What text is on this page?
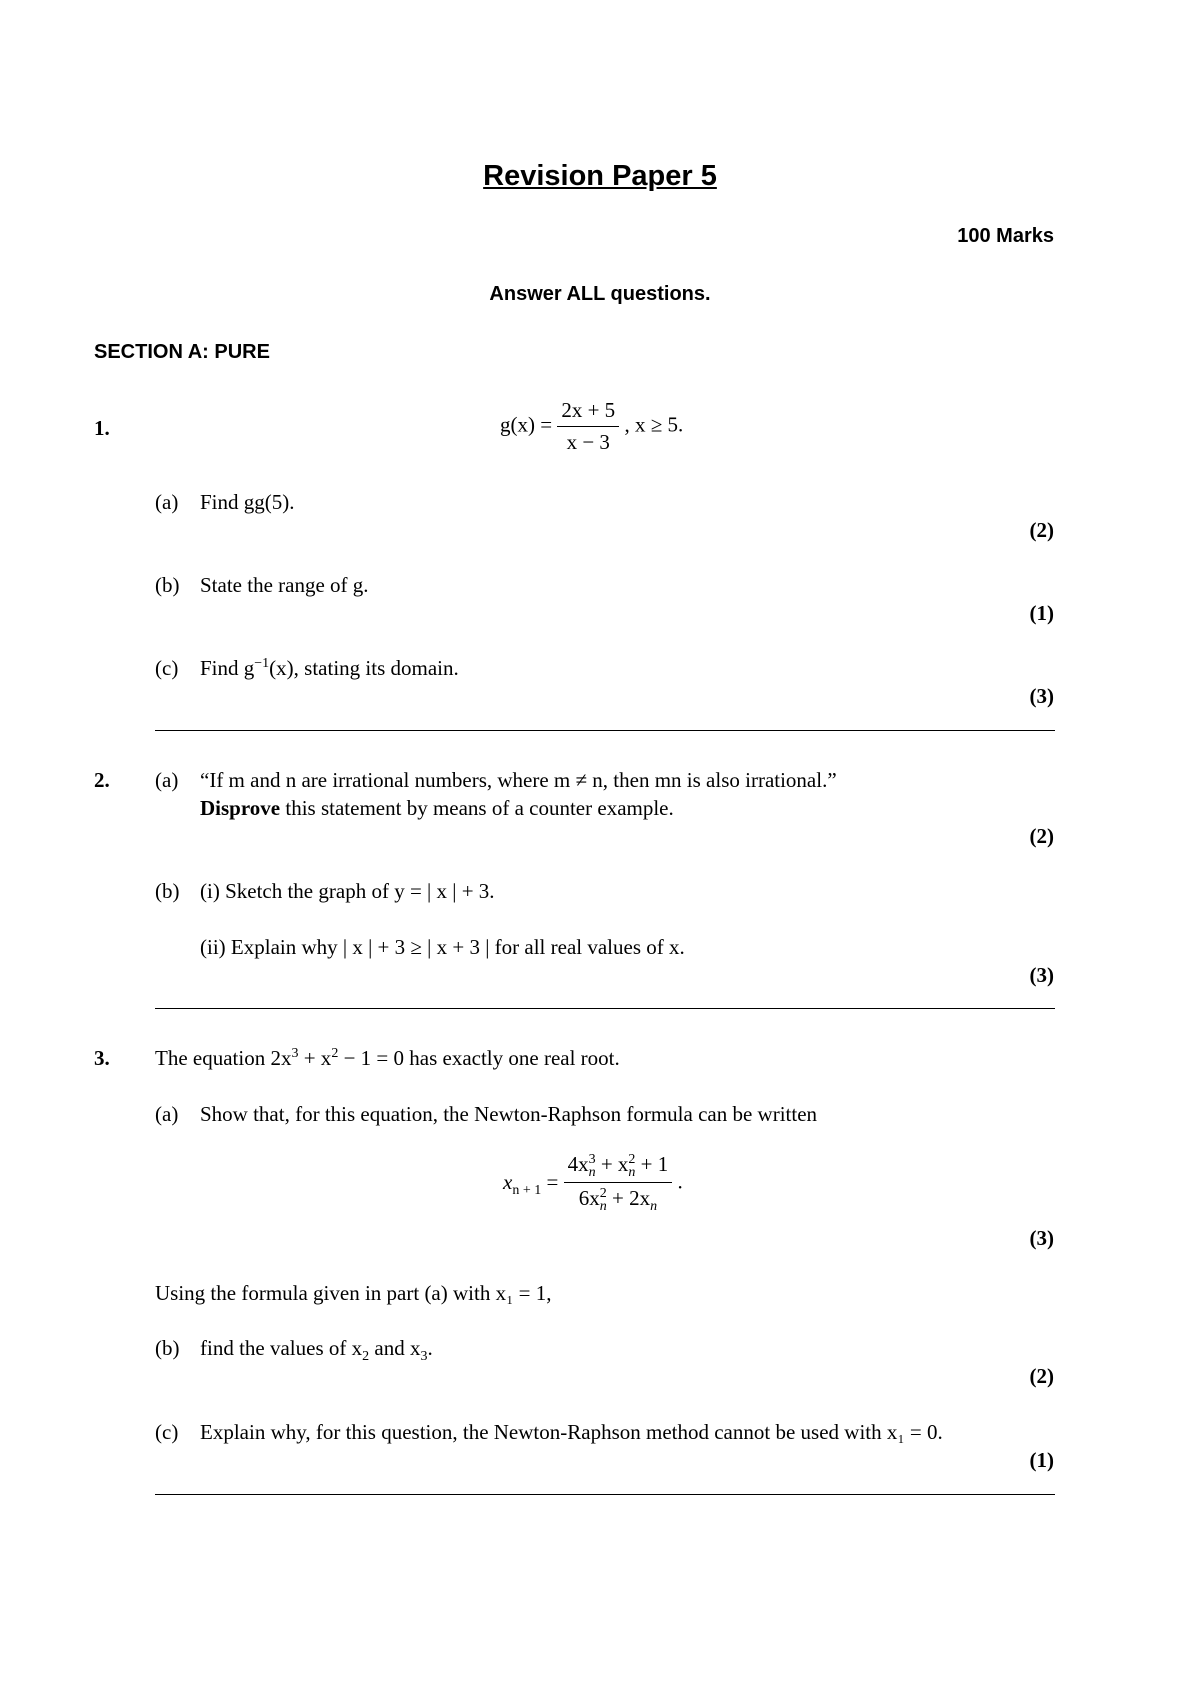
Revision Paper 5
100 Marks
Answer ALL questions.
SECTION A: PURE
1.	$g(x) = \frac{2x + 5}{x - 3}$ , x ≥ 5.
(a) Find gg(5).
(2)
(b) State the range of g.
(1)
(c) Find $g^{-1}(x)$, stating its domain.
(3)
2. (a) “If m and n are irrational numbers, where m ≠ n, then mn is also irrational.”
Disprove this statement by means of a counter example.
(2)
(b) (i) Sketch the graph of y = | x | + 3.
(ii) Explain why | x | + 3 ≥ | x + 3 | for all real values of x.
(3)
3. The equation $2x^3 + x^2 - 1 = 0$ has exactly one real root.
(a) Show that, for this equation, the Newton-Raphson formula can be written
$x_{n + 1}$ =
4x3
n + x2
n + 1
6x2
$n + 2x_n$
.
(3)
Using the formula given in part (a) with x₁ = 1,
(b) find the values of $x_2$ and $x_3$.
(2)
(c) Explain why, for this question, the Newton-Raphson method cannot be used with x₁ = 0.
(1)
